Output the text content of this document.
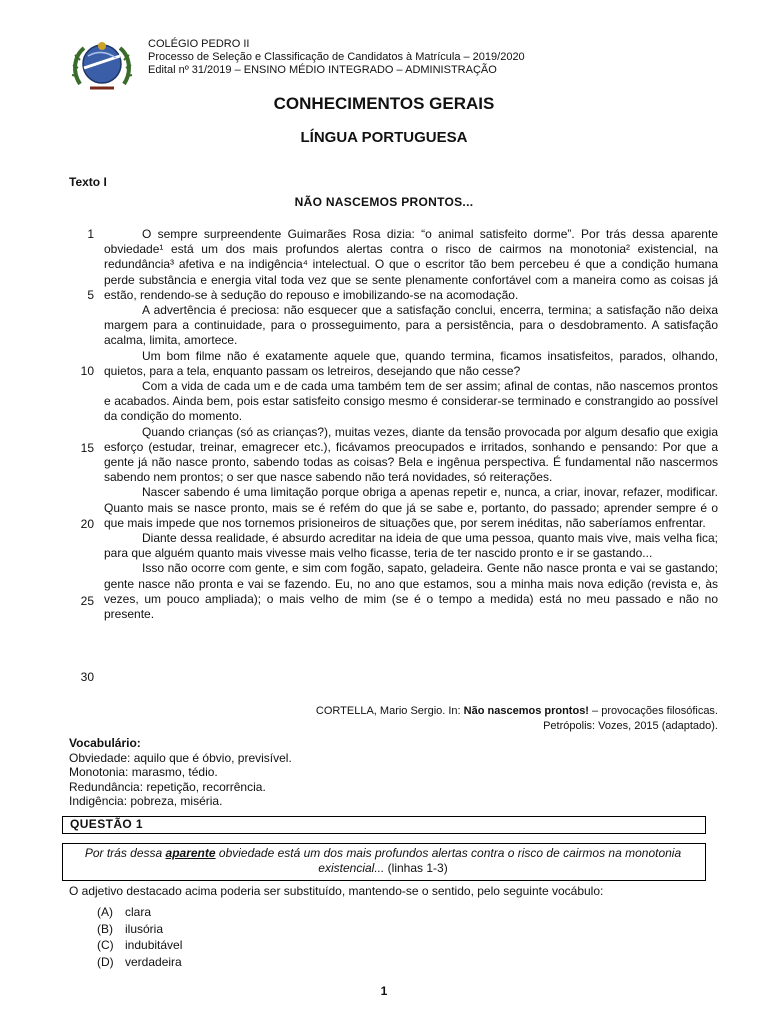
COLÉGIO PEDRO II
Processo de Seleção e Classificação de Candidatos à Matrícula – 2019/2020
Edital nº 31/2019 – ENSINO MÉDIO INTEGRADO – ADMINISTRAÇÃO
CONHECIMENTOS GERAIS
LÍNGUA PORTUGUESA
Texto I
NÃO NASCEMOS PRONTOS...
1
5
10
15
20
25
30

O sempre surpreendente Guimarães Rosa dizia: “o animal satisfeito dorme”. Por trás dessa aparente obviedade¹ está um dos mais profundos alertas contra o risco de cairmos na monotonia² existencial, na redundância³ afetiva e na indigência⁴ intelectual. O que o escritor tão bem percebeu é que a condição humana perde substância e energia vital toda vez que se sente plenamente confortável com a maneira como as coisas já estão, rendendo-se à sedução do repouso e imobilizando-se na acomodação.

A advertência é preciosa: não esquecer que a satisfação conclui, encerra, termina; a satisfação não deixa margem para a continuidade, para o prosseguimento, para a persistência, para o desdobramento. A satisfação acalma, limita, amortece.

Um bom filme não é exatamente aquele que, quando termina, ficamos insatisfeitos, parados, olhando, quietos, para a tela, enquanto passam os letreiros, desejando que não cesse?

Com a vida de cada um e de cada uma também tem de ser assim; afinal de contas, não nascemos prontos e acabados. Ainda bem, pois estar satisfeito consigo mesmo é considerar-se terminado e constrangido ao possível da condição do momento.

Quando crianças (só as crianças?), muitas vezes, diante da tensão provocada por algum desafio que exigia esforço (estudar, treinar, emagrecer etc.), ficávamos preocupados e irritados, sonhando e pensando: Por que a gente já não nasce pronto, sabendo todas as coisas? Bela e ingênua perspectiva. É fundamental não nascermos sabendo nem prontos; o ser que nasce sabendo não terá novidades, só reiterações.

Nascer sabendo é uma limitação porque obriga a apenas repetir e, nunca, a criar, inovar, refazer, modificar. Quanto mais se nasce pronto, mais se é refém do que já se sabe e, portanto, do passado; aprender sempre é o que mais impede que nos tornemos prisioneiros de situações que, por serem inéditas, não saberíamos enfrentar.

Diante dessa realidade, é absurdo acreditar na ideia de que uma pessoa, quanto mais vive, mais velha fica; para que alguém quanto mais vivesse mais velho ficasse, teria de ter nascido pronto e ir se gastando...

Isso não ocorre com gente, e sim com fogão, sapato, geladeira. Gente não nasce pronta e vai se gastando; gente nasce não pronta e vai se fazendo. Eu, no ano que estamos, sou a minha mais nova edição (revista e, às vezes, um pouco ampliada); o mais velho de mim (se é o tempo a medida) está no meu passado e não no presente.

CORTELLA, Mario Sergio. In: Não nascemos prontos! – provocações filosóficas.
Petrópolis: Vozes, 2015 (adaptado).
Vocabulário:
Obviedade: aquilo que é óbvio, previsível.
Monotonia: marasmo, tédio.
Redundância: repetição, recorrência.
Indigência: pobreza, miséria.
QUESTÃO 1
Por trás dessa aparente obviedade está um dos mais profundos alertas contra o risco de cairmos na monotonia existencial... (linhas 1-3)
O adjetivo destacado acima poderia ser substituído, mantendo-se o sentido, pelo seguinte vocábulo:
(A) clara
(B) ilusória
(C) indubitável
(D) verdadeira
1
